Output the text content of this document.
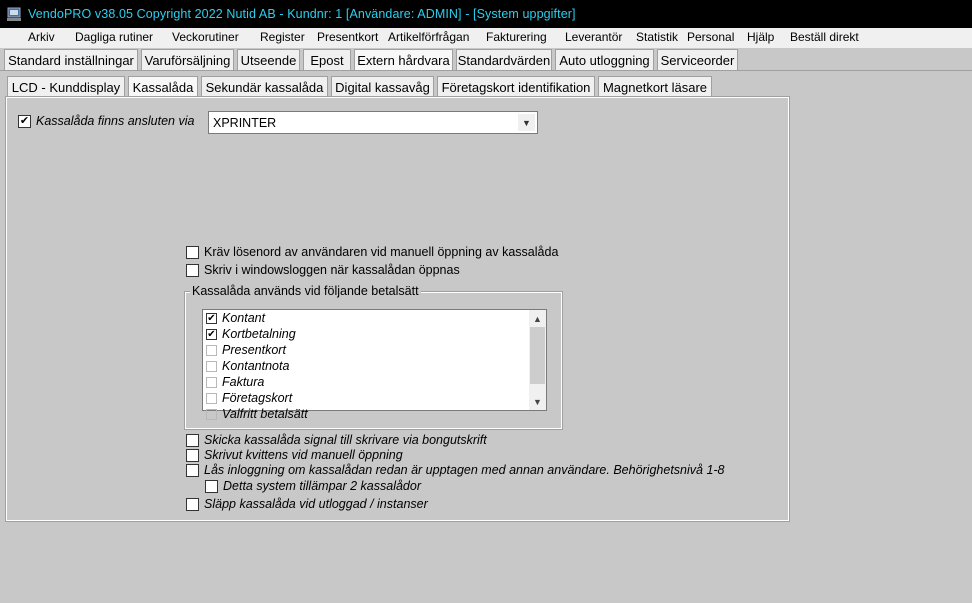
VendoPRO v38.05 Copyright 2022 Nutid AB - Kundnr: 1 [Användare: ADMIN] - [System uppgifter]
Arkiv Dagliga rutiner Veckorutiner Register Presentkort Artikelförfrågan Fakturering Leverantör Statistik Personal Hjälp Beställ direkt
Standard inställningar Varuförsäljning Utseende	Epost	Extern hårdvara Standardvärden Auto utloggning Serviceorder
LCD - Kunddisplay Kassalåda Sekundär kassalåda Digital kassavåg Företagskort identifikation Magnetkort läsare
✔ Kassalåda finns ansluten via XPRINTER	▼
Kräv lösenord av användaren vid manuell öppning av kassalåda
Skriv i windowsloggen när kassalådan öppnas
Kassalåda används vid följande betalsätt
✔ Kontant
✔ Kortbetalning
Presentkort
Kontantnota
Faktura
Företagskort
Valfritt betalsätt
▲
▼
Skicka kassalåda signal till skrivare via bongutskrift
Skrivut kvittens vid manuell öppning
Lås inloggning om kassalådan redan är upptagen med annan användare. Behörighetsnivå 1-8
Detta system tillämpar 2 kassalådor
Släpp kassalåda vid utloggad / instanser
